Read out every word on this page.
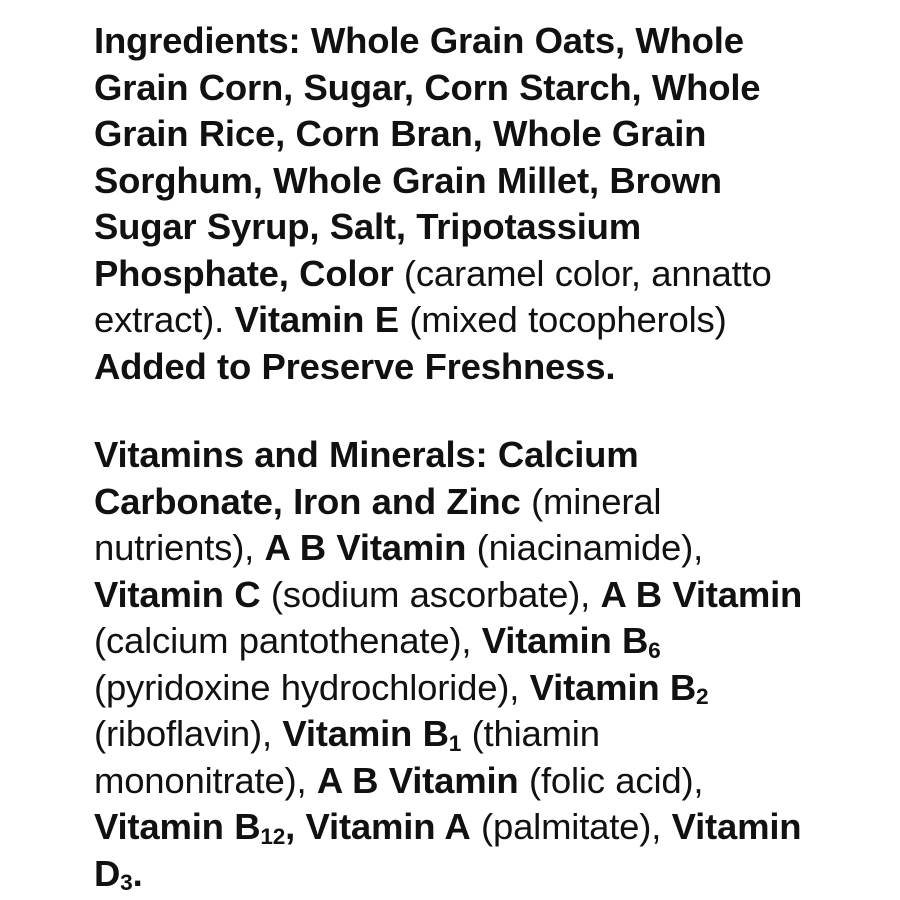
Ingredients: Whole Grain Oats, Whole Grain Corn, Sugar, Corn Starch, Whole Grain Rice, Corn Bran, Whole Grain Sorghum, Whole Grain Millet, Brown Sugar Syrup, Salt, Tripotassium Phosphate, Color (caramel color, annatto extract). Vitamin E (mixed tocopherols) Added to Preserve Freshness.

Vitamins and Minerals: Calcium Carbonate, Iron and Zinc (mineral nutrients), A B Vitamin (niacinamide), Vitamin C (sodium ascorbate), A B Vitamin (calcium pantothenate), Vitamin $B_6$ (pyridoxine hydrochloride), Vitamin $B_2$ (riboflavin), Vitamin $B_1$ (thiamin mononitrate), A B Vitamin (folic acid), Vitamin $B_{12}$, Vitamin A (palmitate), Vitamin $D_3$.
